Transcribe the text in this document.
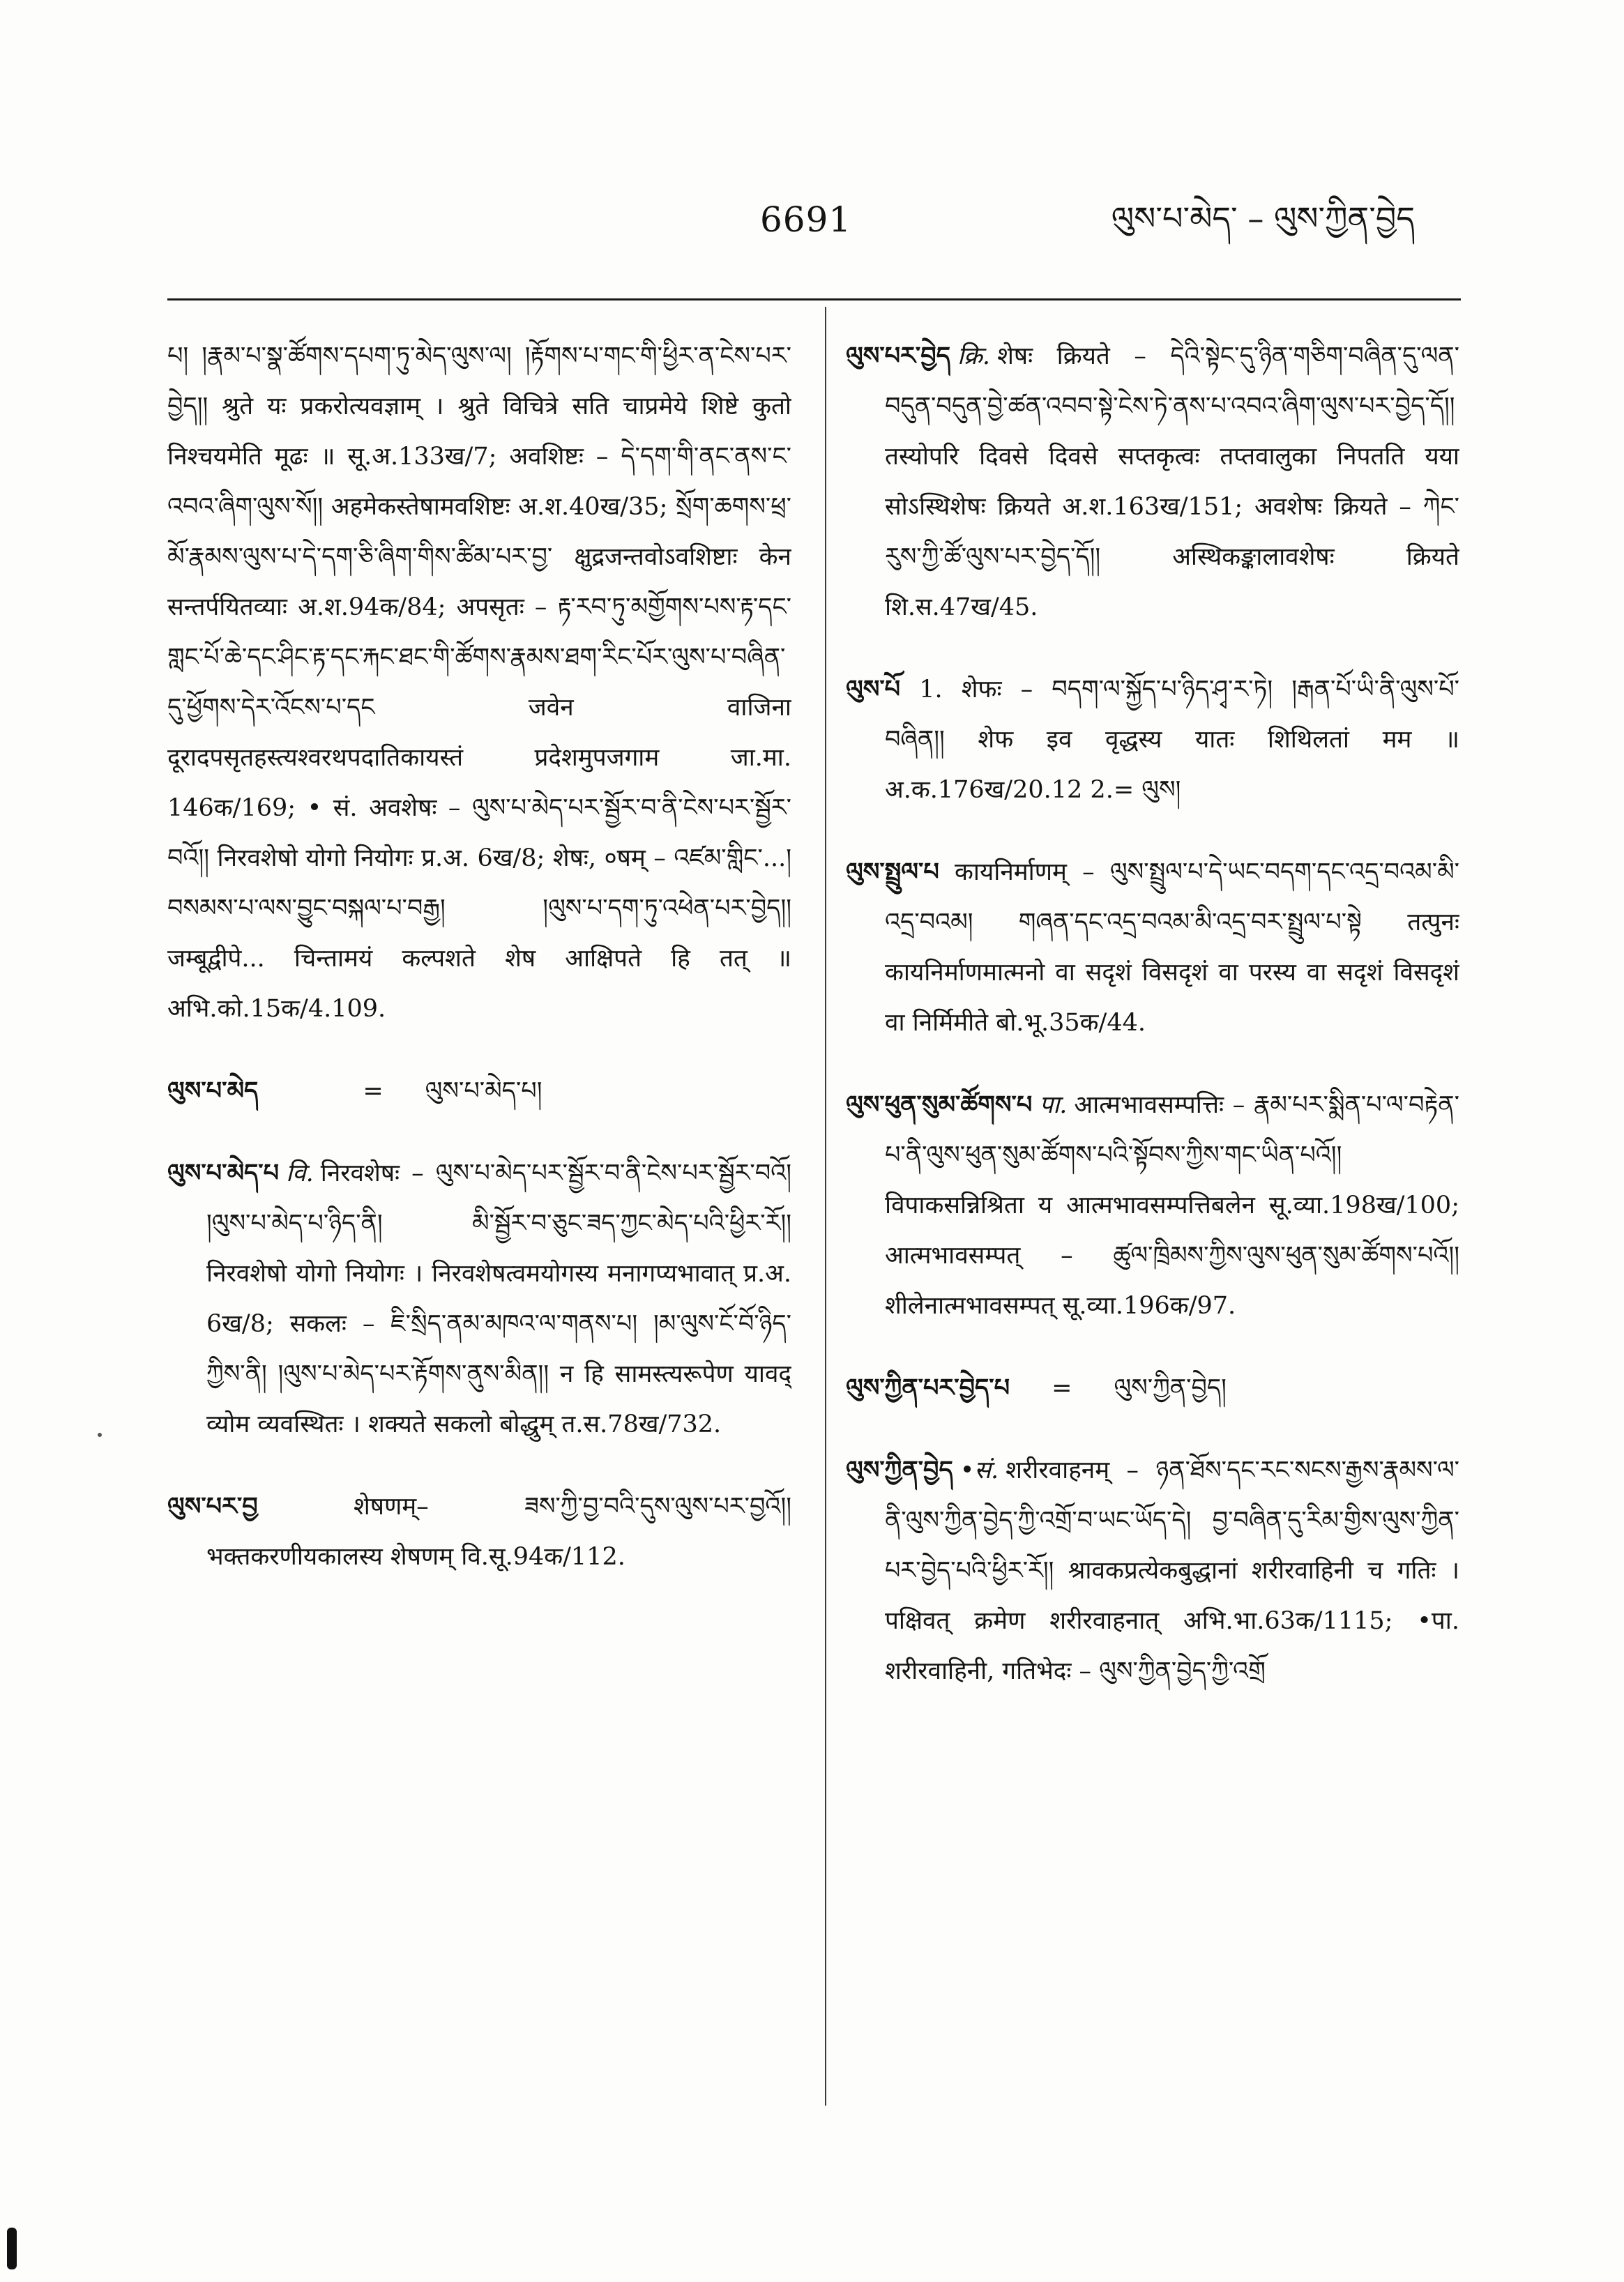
6691	ལུས་པ་མེད་ – ལུས་ཀྱིན་བྱེད

པ། །རྣམ་པ་སྣ་ཚོགས་དཔག་ཏུ་མེད་ལུས་ལ། །རྟོགས་པ་གང་གི་ཕྱིར་ན་ངེས་པར་བྱེད།། श्रुते यः प्रकरोत्यवज्ञाम् । श्रुते विचित्रे सति चाप्रमेये शिष्टे कुतो निश्चयमेति मूढः ॥ सू.अ.133ख/7; अवशिष्टः – དེ་དག་གི་ནང་ནས་ང་འབའ་ཞིག་ལུས་སོ།། अहमेकस्तेषामवशिष्टः अ.श.40ख/35; སྲོག་ཆགས་ཕྲ་མོ་རྣམས་ལུས་པ་དེ་དག་ཅི་ཞིག་གིས་ཚིམ་པར་བྱ་ क्षुद्रजन्तवोऽवशिष्टाः केन सन्तर्पयितव्याः अ.श.94क/84; अपसृतः – རྟ་རབ་ཏུ་མགྱོགས་པས་རྟ་དང་གླང་པོ་ཆེ་དང་ཤིང་རྟ་དང་རྐང་ཐང་གི་ཚོགས་རྣམས་ཐག་རིང་པོར་ལུས་པ་བཞིན་དུ་ཕྱོགས་དེར་འོངས་པ་དང जवेन वाजिना दूरादपसृतहस्त्यश्वरथपदातिकायस्तं प्रदेशमुपजगाम जा.मा. 146क/169; • सं. अवशेषः – ལུས་པ་མེད་པར་སྦྱོར་བ་ནི་ངེས་པར་སྦྱོར་བའོ།། निरवशेषो योगो नियोगः प्र.अ. 6ख/8; शेषः, ०षम् – འཛམ་གླིང་...།བསམས་པ་ལས་བྱུང་བསྐལ་པ་བརྒྱ། །ལུས་པ་དག་ཏུ་འཕེན་པར་བྱེད།། जम्बूद्वीपे... चिन्तामयं कल्पशते शेष आक्षिपते हि तत् ॥ अभि.को.15क/4.109.

ལུས་པ་མེད	= ལུས་པ་མེད་པ།

ལུས་པ་མེད་པ वि. निरवशेषः – ལུས་པ་མེད་པར་སྦྱོར་བ་ནི་ངེས་པར་སྦྱོར་བའོ། །ལུས་པ་མེད་པ་ཉིད་ནི། མི་སྦྱོར་བ་ཅུང་ཟད་ཀྱང་མེད་པའི་ཕྱིར་རོ།། निरवशेषो योगो नियोगः । निरवशेषत्वमयोगस्य मनागप्यभावात् प्र.अ. 6ख/8; सकलः – ཇི་སྲིད་ནམ་མཁའ་ལ་གནས་པ། །མ་ལུས་ངོ་བོ་ཉིད་ཀྱིས་ནི། །ལུས་པ་མེད་པར་རྟོགས་ནུས་མིན།། न हि सामस्त्यरूपेण यावद् व्योम व्यवस्थितः । शक्यते सकलो बोद्धुम् त.स.78ख/732.

ལུས་པར་བྱ	शेषणम्– ཟས་ཀྱི་བྱ་བའི་དུས་ལུས་པར་བྱའོ།། भक्तकरणीयकालस्य शेषणम् वि.सू.94क/112.

ལུས་པར་བྱེད क्रि. शेषः क्रियते – དེའི་སྟེང་དུ་ཉིན་གཅིག་བཞིན་དུ་ལན་བདུན་བདུན་བྱེ་ཚན་འབབ་སྟེ་ངེས་ཏེ་ནས་པ་འབའ་ཞིག་ལུས་པར་བྱེད་དོ།། तस्योपरि दिवसे दिवसे सप्तकृत्वः तप्तवालुका निपतति यया सोऽस्थिशेषः क्रियते अ.श.163ख/151; अवशेषः क्रियते – ཀེང་རུས་ཀྱི་ཚོ་ལུས་པར་བྱེད་དོ།། अस्थिकङ्कालावशेषः क्रियते शि.स.47ख/45.

ལུས་པོ 1. शेफः – བདག་ལ་སྐྱོད་པ་ཉིད་ཤྭ་ར་ཏེ། །རྒན་པོ་ཡི་ནི་ལུས་པོ་བཞིན།། शेफ इव वृद्धस्य यातः शिथिलतां मम ॥ अ.क.176ख/20.12 2.= ལུས།

ལུས་སྤྲུལ་པ कायनिर्माणम् – ལུས་སྤྲུལ་པ་དེ་ཡང་བདག་དང་འདྲ་བའམ་མི་འདྲ་བའམ། གཞན་དང་འདྲ་བའམ་མི་འདྲ་བར་སྤྲུལ་པ་སྟེ तत्पुनः कायनिर्माणमात्मनो वा सदृशं विसदृशं वा परस्य वा सदृशं विसदृशं वा निर्मिमीते बो.भू.35क/44.

ལུས་ཕུན་སུམ་ཚོགས་པ पा. आत्मभावसम्पत्तिः – རྣམ་པར་སྨིན་པ་ལ་བརྟེན་པ་ནི་ལུས་ཕུན་སུམ་ཚོགས་པའི་སྟོབས་ཀྱིས་གང་ཡིན་པའོ།། विपाकसन्निश्रिता य आत्मभावसम्पत्तिबलेन सू.व्या.198ख/100; आत्मभावसम्पत् – ཚུལ་ཁྲིམས་ཀྱིས་ལུས་ཕུན་སུམ་ཚོགས་པའོ།། शीलेनात्मभावसम्पत् सू.व्या.196क/97.

ལུས་ཀྱིན་པར་བྱེད་པ = ལུས་ཀྱིན་བྱེད།

ལུས་ཀྱིན་བྱེད •सं. शरीरवाहनम् – ཉན་ཐོས་དང་རང་སངས་རྒྱས་རྣམས་ལ་ནི་ལུས་ཀྱིན་བྱེད་ཀྱི་འགྲོ་བ་ཡང་ཡོད་དེ། བྱ་བཞིན་དུ་རིམ་གྱིས་ལུས་ཀྱིན་པར་བྱེད་པའི་ཕྱིར་རོ།། श्रावकप्रत्येकबुद्धानां शरीरवाहिनी च गतिः । पक्षिवत् क्रमेण शरीरवाहनात् अभि.भा.63क/1115; •पा. शरीरवाहिनी, गतिभेदः – ལུས་ཀྱིན་བྱེད་ཀྱི་འགྲོ
